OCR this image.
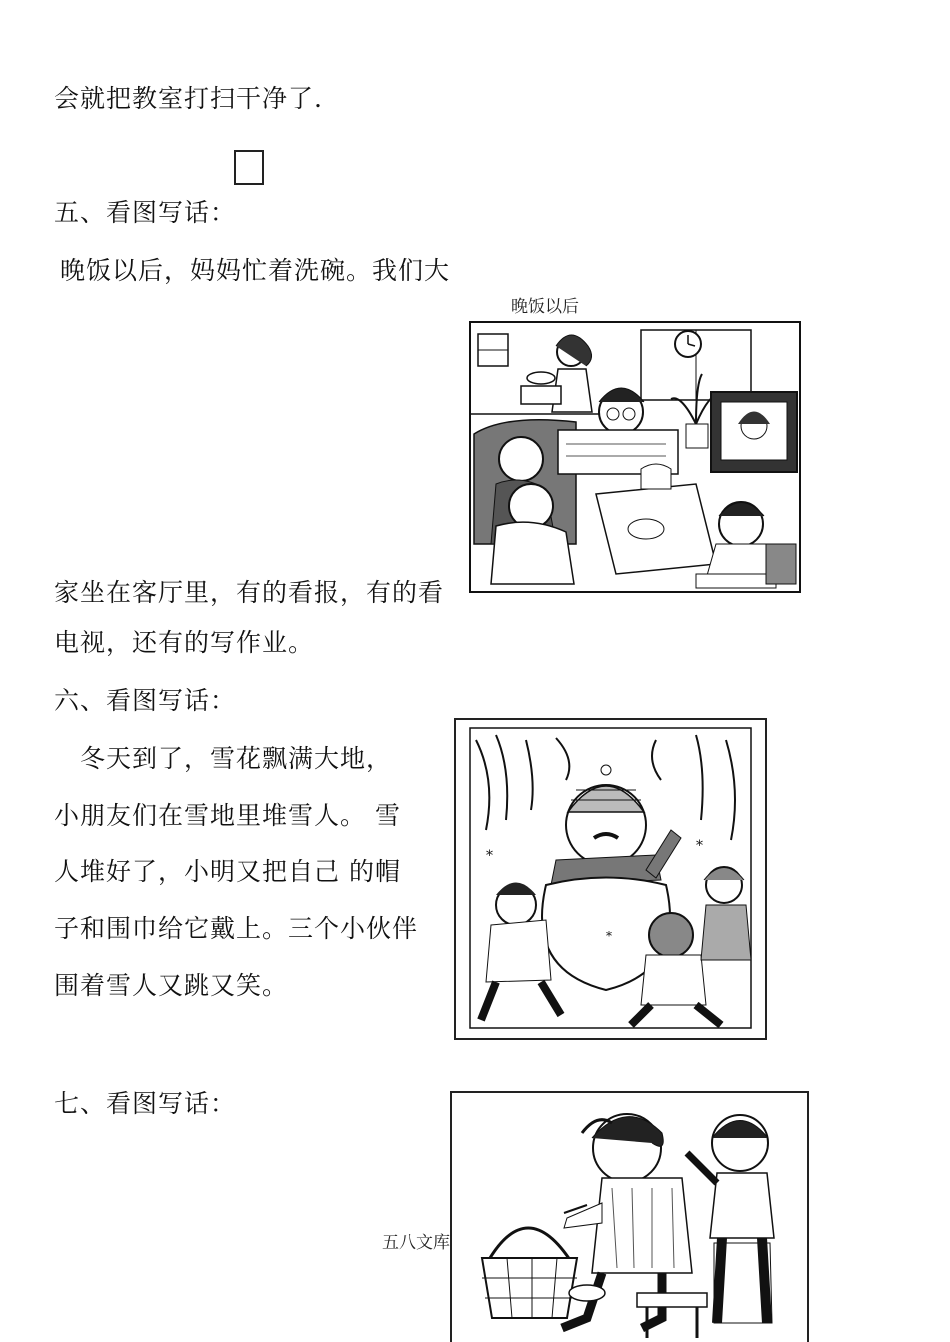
会就把教室打扫干净了.
五、看图写话：
晚饭以后，妈妈忙着洗碗。我们大
晚饭以后
家坐在客厅里，有的看报，有的看
电视，还有的写作业。
六、看图写话：
冬天到了，雪花飘满大地，
小朋友们在雪地里堆雪人。 雪
人堆好了，小明又把自己 的帽
子和围巾给它戴上。三个小伙伴
围着雪人又跳又笑。
*
*
*
七、看图写话：
五八文库
